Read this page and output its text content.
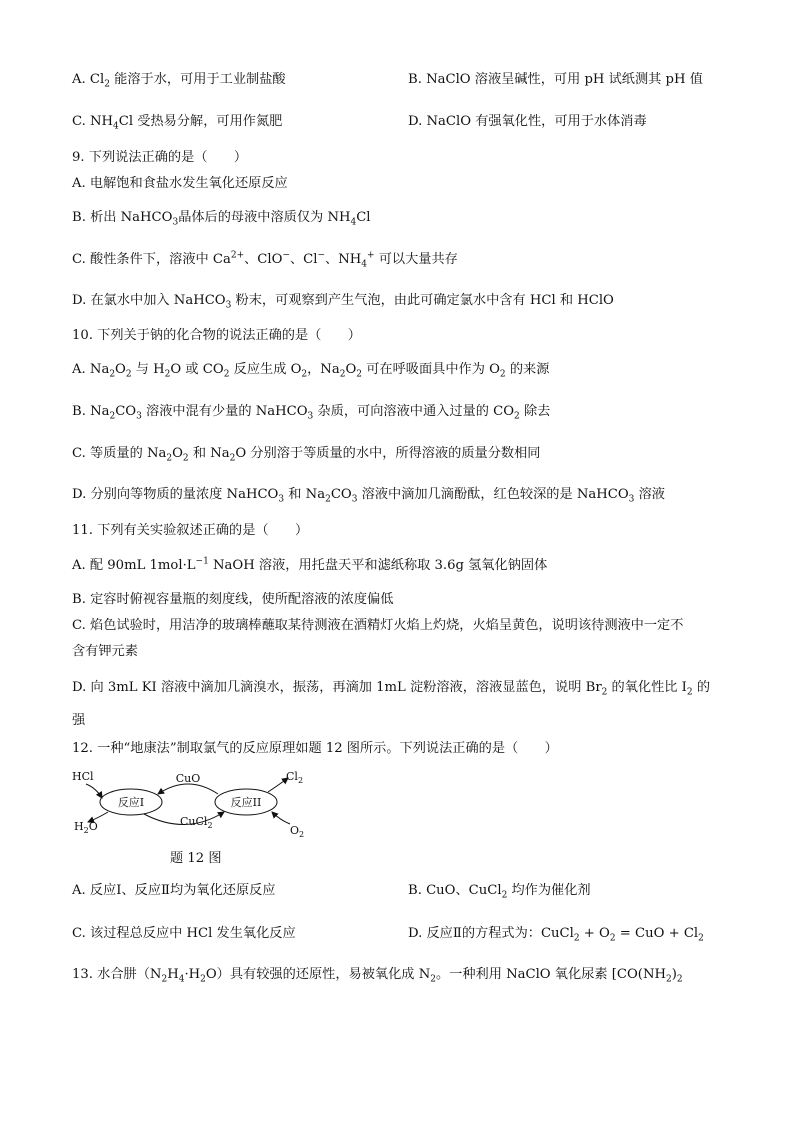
A. $Cl_2$ 能溶于水，可用于工业制盐酸	B. NaClO 溶液呈碱性，可用 pH 试纸测其 pH 值
C. $NH_4Cl$ 受热易分解，可用作氮肥	D. NaClO 有强氧化性，可用于水体消毒
9. 下列说法正确的是（　　）
A. 电解饱和食盐水发生氧化还原反应
B. 析出 NaHCO$_3$晶体后的母液中溶质仅为 $NH_4Cl$
C. 酸性条件下，溶液中 $Ca^{2+}$、ClO−、Cl−、$NH_4^+$ 可以大量共存
D. 在氯水中加入 NaHCO$_3$ 粉末，可观察到产生气泡，由此可确定氯水中含有 HCl 和 HClO
10. 下列关于钠的化合物的说法正确的是（　　）
A. $Na_2O_2$ 与 $H_2O$ 或 $CO_2$ 反应生成 $O_2$，$Na_2O_2$ 可在呼吸面具中作为 $O_2$ 的来源
B. $Na_2CO_3$ 溶液中混有少量的 NaHCO$_3$ 杂质，可向溶液中通入过量的 $CO_2$ 除去
C. 等质量的 $Na_2O_2$ 和 $Na_2O$ 分别溶于等质量的水中，所得溶液的质量分数相同
D. 分别向等物质的量浓度 NaHCO$_3$ 和 $Na_2CO_3$ 溶液中滴加几滴酚酞，红色较深的是 NaHCO$_3$ 溶液
11. 下列有关实验叙述正确的是（　　）
A. 配 90mL $1mol\cdot L^{-1}$ NaOH 溶液，用托盘天平和滤纸称取 3.6g 氢氧化钠固体
B. 定容时俯视容量瓶的刻度线，使所配溶液的浓度偏低
C. 焰色试验时，用洁净的玻璃棒蘸取某待测液在酒精灯火焰上灼烧，火焰呈黄色，说明该待测液中一定不
含有钾元素
D. 向 3mL KI 溶液中滴加几滴溴水，振荡，再滴加 1mL 淀粉溶液，溶液显蓝色，说明 $Br_2$ 的氧化性比 $I_2$ 的
强
12. 一种“地康法”制取氯气的反应原理如题 12 图所示。下列说法正确的是（　　）
反应I	反应II
CuO
CuCl$_2$
HCl
$H_2O$
$Cl_2$
$O_2$
题 12 图
A. 反应Ⅰ、反应Ⅱ均为氧化还原反应	B. CuO、CuCl$_2$ 均作为催化剂
C. 该过程总反应中 HCl 发生氧化反应	D. 反应Ⅱ的方程式为：CuCl$_2$ + $O_2$ = CuO + $Cl_2$
13. 水合肼$(N_2H_4\cdot H_2O)$具有较强的还原性，易被氧化成 $N_2$。一种利用 NaClO 氧化尿素 [$CO(NH_2)_2$
